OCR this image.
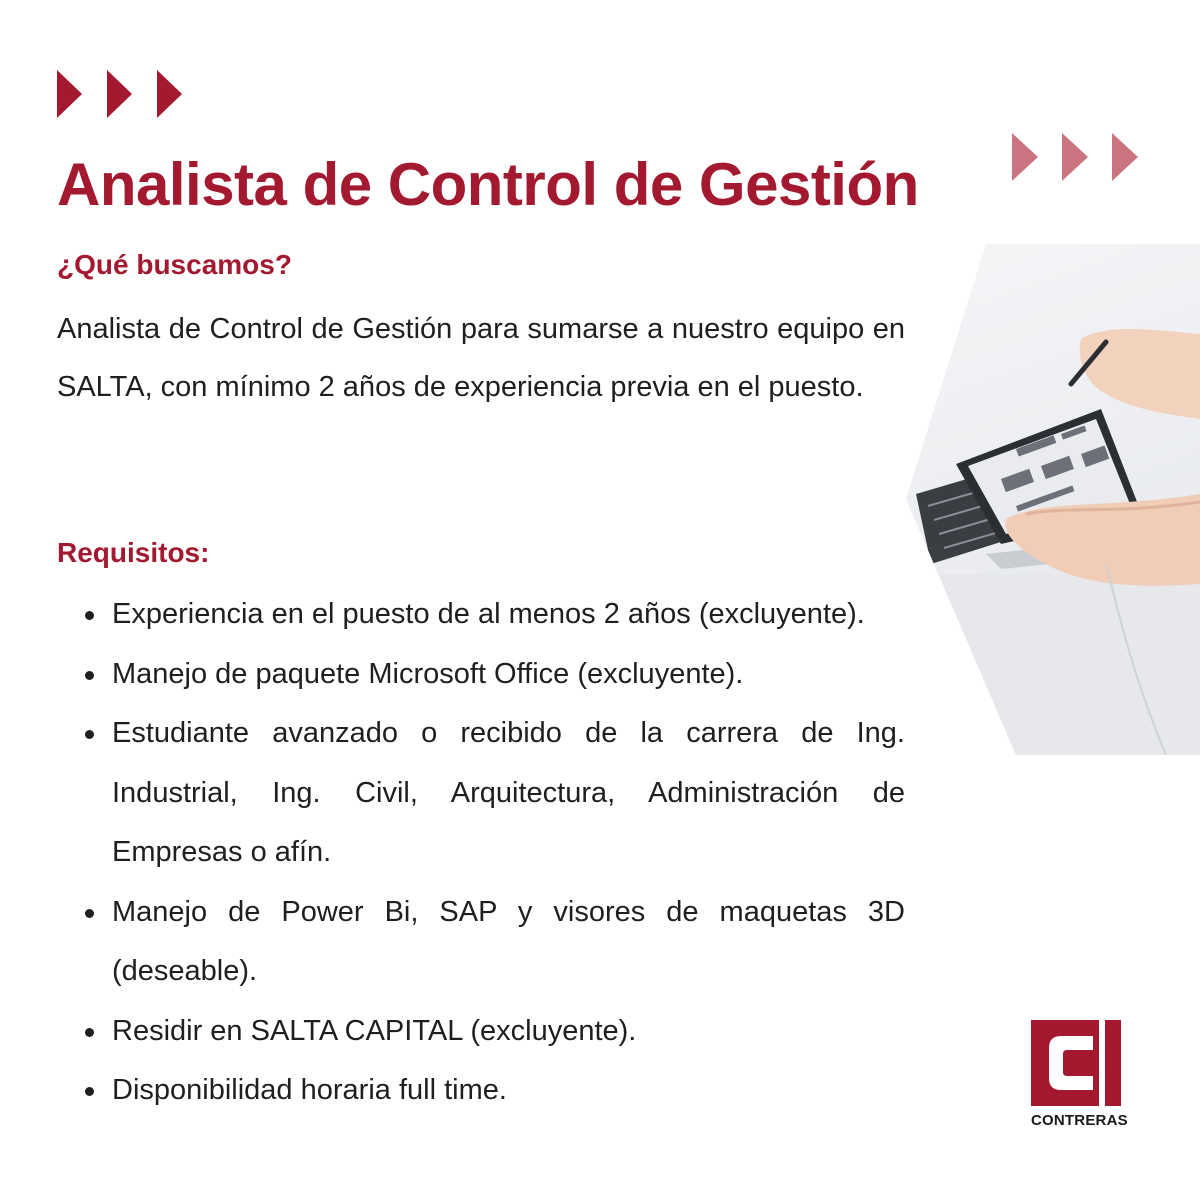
Analista de Control de Gestión
¿Qué buscamos?

Analista de Control de Gestión para sumarse a nuestro equipo en SALTA, con mínimo 2 años de experiencia previa en el puesto.

Requisitos:
Experiencia en el puesto de al menos 2 años (excluyente).
Manejo de paquete Microsoft Office (excluyente).
Estudiante avanzado o recibido de la carrera de Ing. Industrial, Ing. Civil, Arquitectura, Administración de Empresas o afín.
Manejo de Power Bi, SAP y visores de maquetas 3D (deseable).
Residir en SALTA CAPITAL (excluyente).
Disponibilidad horaria full time.
CONTRERAS
